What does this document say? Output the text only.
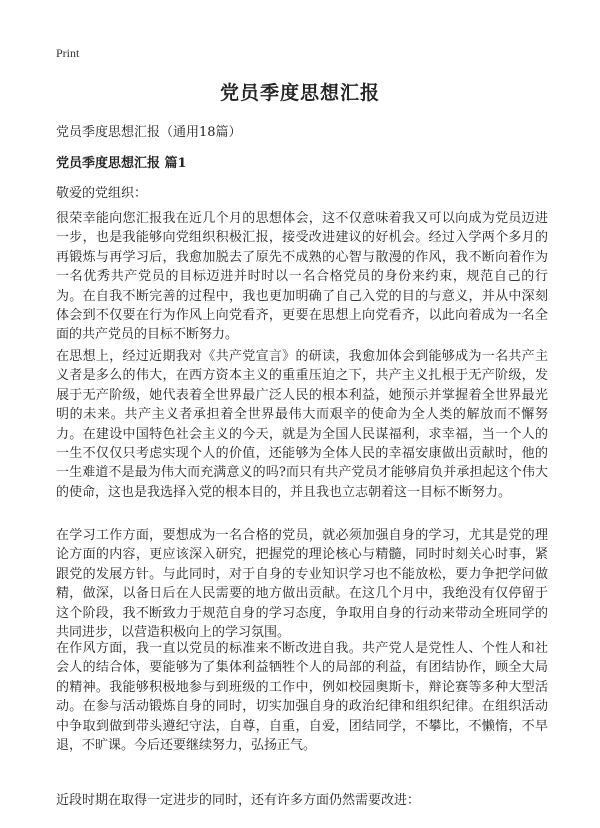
Print
党员季度思想汇报
党员季度思想汇报（通用18篇）
党员季度思想汇报 篇1
敬爱的党组织：

很荣幸能向您汇报我在近几个月的思想体会，这不仅意味着我又可以向成为党员迈进一步，也是我能够向党组织积极汇报，接受改进建议的好机会。经过入学两个多月的再锻炼与再学习后，我愈加脱去了原先不成熟的心智与散漫的作风，我不断向着作为一名优秀共产党员的目标迈进并时时以一名合格党员的身份来约束，规范自己的行为。在自我不断完善的过程中，我也更加明确了自己入党的目的与意义，并从中深刻体会到不仅要在行为作风上向党看齐，更要在思想上向党看齐，以此向着成为一名全面的共产党员的目标不断努力。

在思想上，经过近期我对《共产党宣言》的研读，我愈加体会到能够成为一名共产主义者是多么的伟大，在西方资本主义的重重压迫之下，共产主义扎根于无产阶级，发展于无产阶级，她代表着全世界最广泛人民的根本利益，她预示并掌握着全世界最光明的未来。共产主义者承担着全世界最伟大而艰辛的使命为全人类的解放而不懈努力。在建设中国特色社会主义的今天，就是为全国人民谋福利，求幸福，当一个人的一生不仅仅只考虑实现个人的价值，还能够为全体人民的幸福安康做出贡献时，他的一生难道不是最为伟大而充满意义的吗?而只有共产党员才能够肩负并承担起这个伟大的使命，这也是我选择入党的根本目的，并且我也立志朝着这一目标不断努力。

在学习工作方面，要想成为一名合格的党员，就必须加强自身的学习，尤其是党的理论方面的内容，更应该深入研究，把握党的理论核心与精髓，同时时刻关心时事，紧跟党的发展方针。与此同时，对于自身的专业知识学习也不能放松，要力争把学问做精，做深，以备日后在人民需要的地方做出贡献。在这几个月中，我绝没有仅停留于这个阶段，我不断致力于规范自身的学习态度，争取用自身的行动来带动全班同学的共同进步，以营造积极向上的学习氛围。

在作风方面，我一直以党员的标准来不断改进自我。共产党人是党性人、个性人和社会人的结合体，要能够为了集体利益牺牲个人的局部的利益，有团结协作，顾全大局的精神。我能够积极地参与到班级的工作中，例如校园奥斯卡，辩论赛等多种大型活动。在参与活动锻炼自身的同时，切实加强自身的政治纪律和组织纪律。在组织活动中争取到做到带头遵纪守法，自尊，自重，自爱，团结同学，不攀比，不懒惰，不早退，不旷课。今后还要继续努力，弘扬正气。

近段时期在取得一定进步的同时，还有许多方面仍然需要改进：
